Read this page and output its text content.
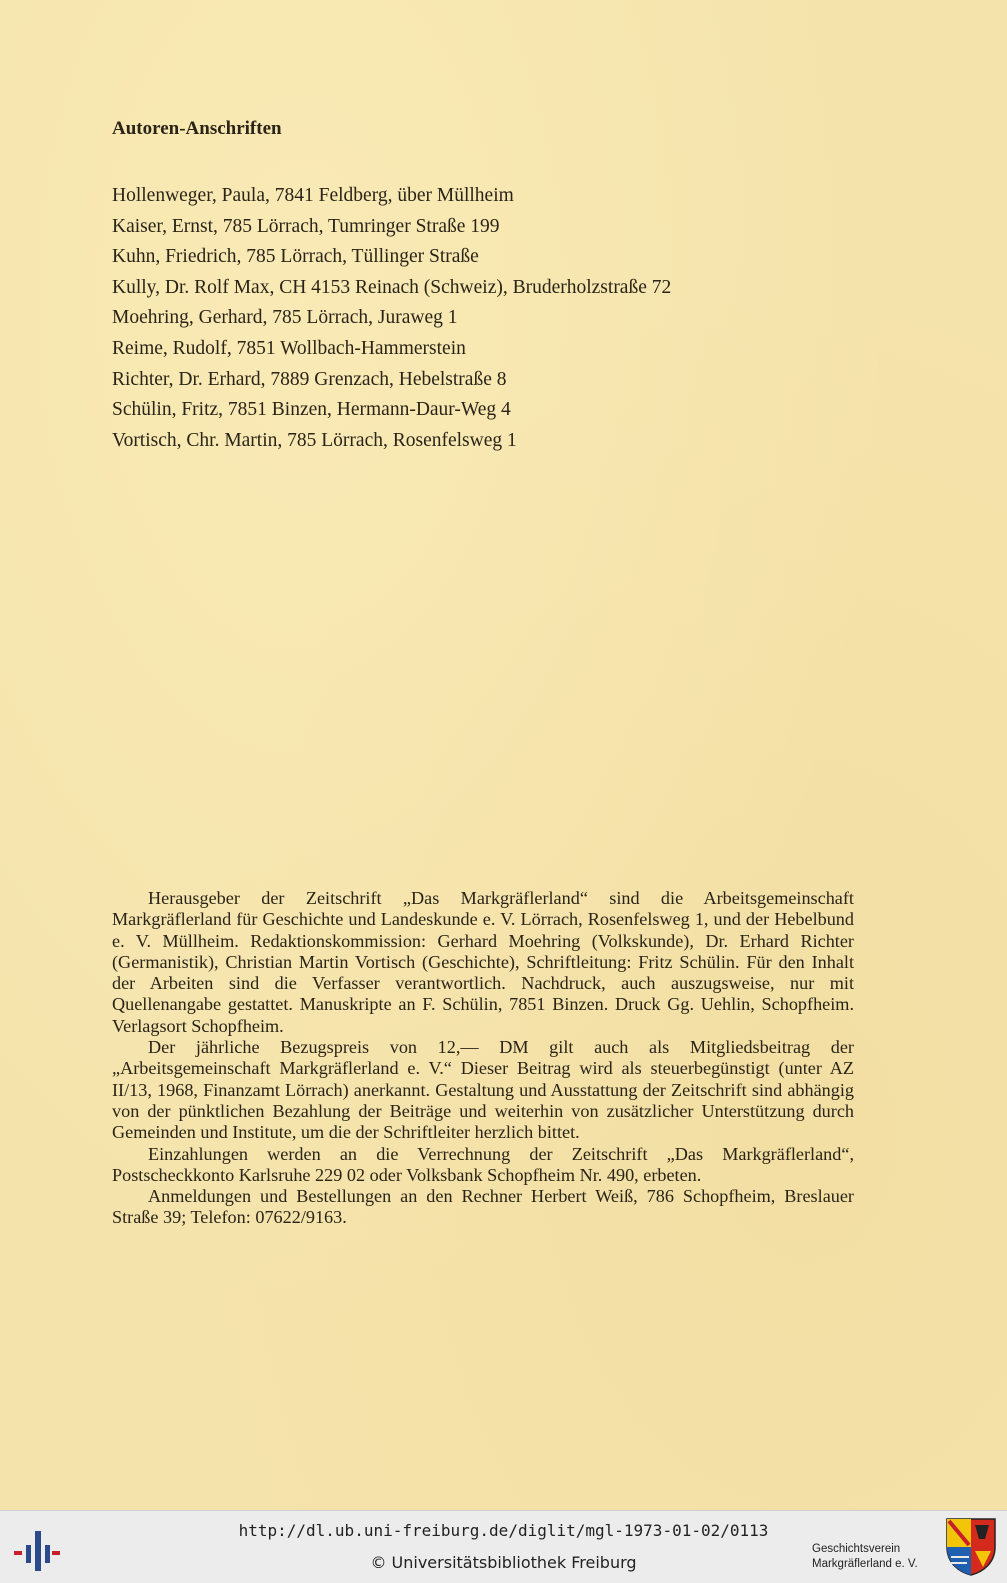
Autoren-Anschriften
Hollenweger, Paula, 7841 Feldberg, über Müllheim
Kaiser, Ernst, 785 Lörrach, Tumringer Straße 199
Kuhn, Friedrich, 785 Lörrach, Tüllinger Straße
Kully, Dr. Rolf Max, CH 4153 Reinach (Schweiz), Bruderholzstraße 72
Moehring, Gerhard, 785 Lörrach, Juraweg 1
Reime, Rudolf, 7851 Wollbach-Hammerstein
Richter, Dr. Erhard, 7889 Grenzach, Hebelstraße 8
Schülin, Fritz, 7851 Binzen, Hermann-Daur-Weg 4
Vortisch, Chr. Martin, 785 Lörrach, Rosenfelsweg 1

Herausgeber der Zeitschrift „Das Markgräflerland“ sind die Arbeitsgemeinschaft Markgräflerland für Geschichte und Landeskunde e. V. Lörrach, Rosenfelsweg 1, und der Hebelbund e. V. Müllheim. Redaktionskommission: Gerhard Moehring (Volkskunde), Dr. Erhard Richter (Germanistik), Christian Martin Vortisch (Geschichte), Schriftleitung: Fritz Schülin. Für den Inhalt der Arbeiten sind die Verfasser verantwortlich. Nachdruck, auch auszugsweise, nur mit Quellenangabe gestattet. Manuskripte an F. Schülin, 7851 Binzen. Druck Gg. Uehlin, Schopfheim. Verlagsort Schopfheim.

Der jährliche Bezugspreis von 12,— DM gilt auch als Mitgliedsbeitrag der „Arbeitsgemeinschaft Markgräflerland e. V.“ Dieser Beitrag wird als steuerbegünstigt (unter AZ II/13, 1968, Finanzamt Lörrach) anerkannt. Gestaltung und Ausstattung der Zeitschrift sind abhängig von der pünktlichen Bezahlung der Beiträge und weiterhin von zusätzlicher Unterstützung durch Gemeinden und Institute, um die der Schriftleiter herzlich bittet.

Einzahlungen werden an die Verrechnung der Zeitschrift „Das Markgräflerland“, Postscheckkonto Karlsruhe 229 02 oder Volksbank Schopfheim Nr. 490, erbeten.

Anmeldungen und Bestellungen an den Rechner Herbert Weiß, 786 Schopfheim, Breslauer Straße 39; Telefon: 07622/9163.

http://dl.ub.uni-freiburg.de/diglit/mgl-1973-01-02/0113
© Universitätsbibliothek Freiburg
Geschichtsverein
Markgräflerland e. V.
